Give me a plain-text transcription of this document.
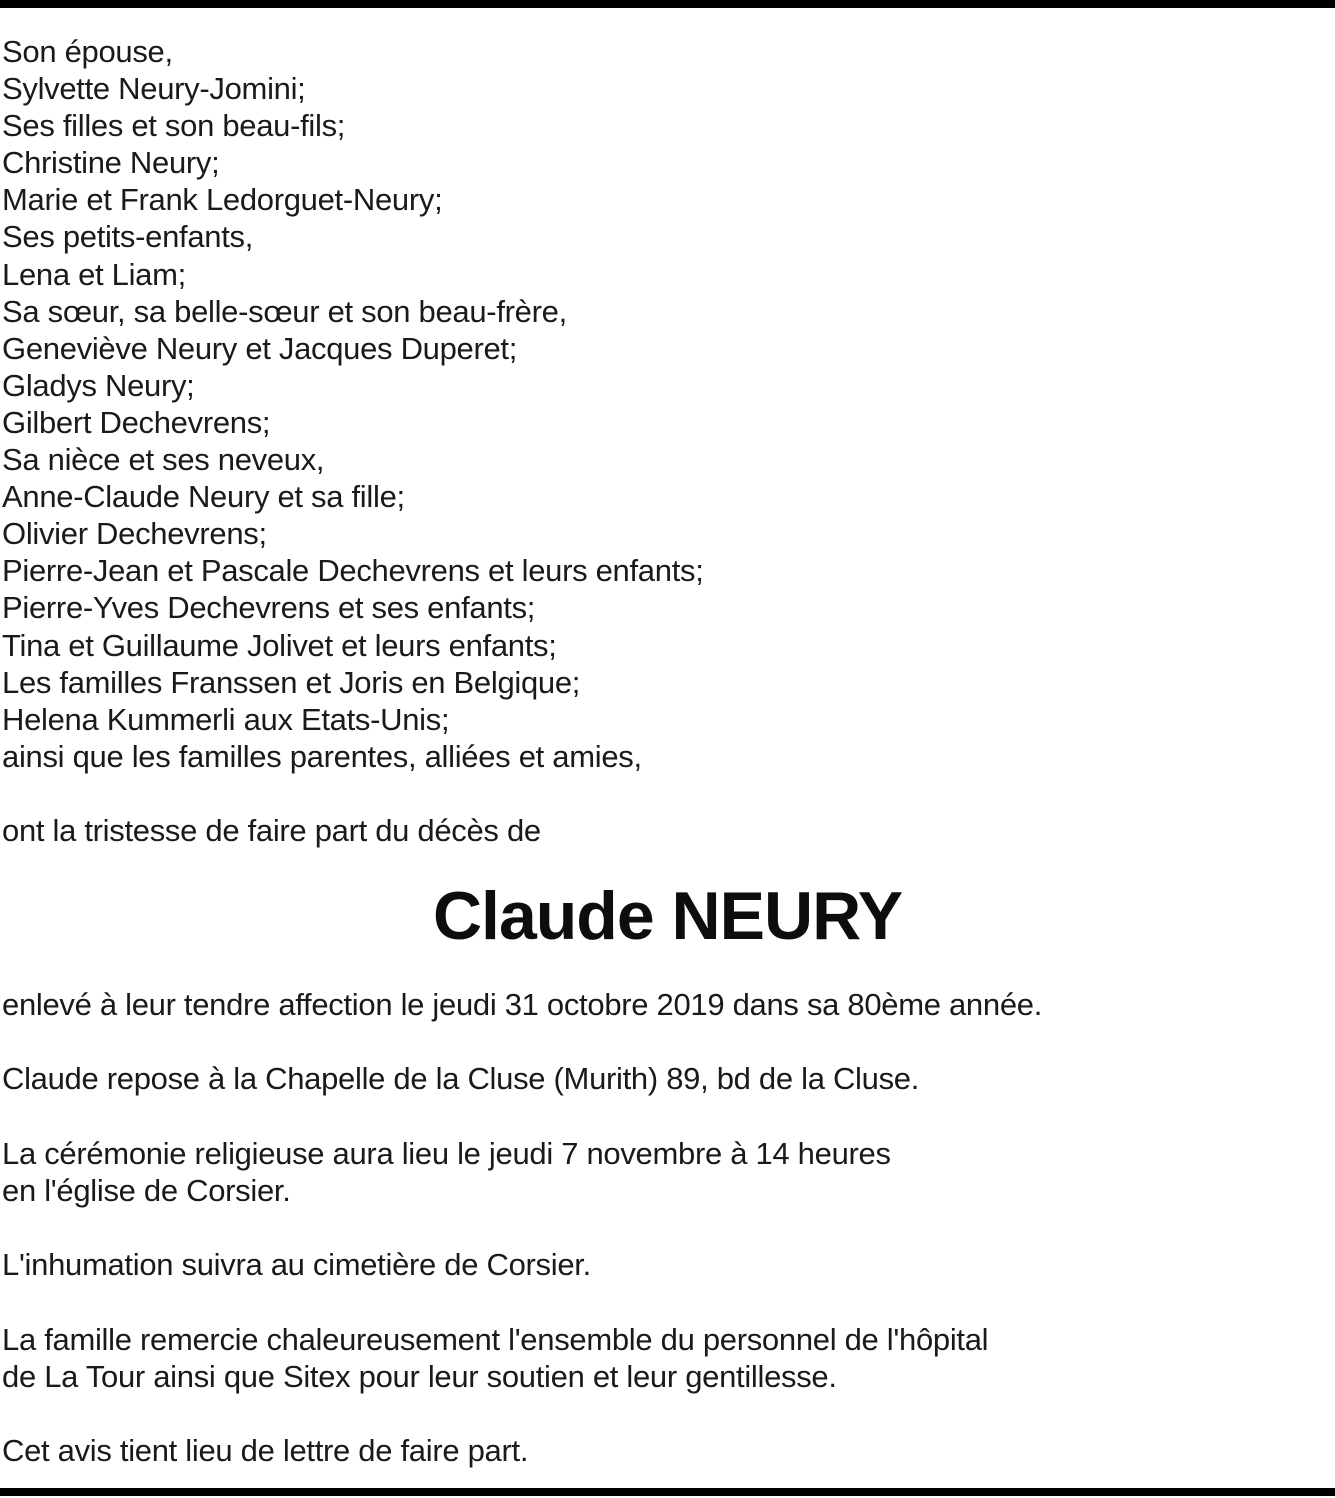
Son épouse,
Sylvette Neury-Jomini;
Ses filles et son beau-fils;
Christine Neury;
Marie et Frank Ledorguet-Neury;
Ses petits-enfants,
Lena et Liam;
Sa sœur, sa belle-sœur et son beau-frère,
Geneviève Neury et Jacques Duperet;
Gladys Neury;
Gilbert Dechevrens;
Sa nièce et ses neveux,
Anne-Claude Neury et sa fille;
Olivier Dechevrens;
Pierre-Jean et Pascale Dechevrens et leurs enfants;
Pierre-Yves Dechevrens et ses enfants;
Tina et Guillaume Jolivet et leurs enfants;
Les familles Franssen et Joris en Belgique;
Helena Kummerli aux Etats-Unis;
ainsi que les familles parentes, alliées et amies,

ont la tristesse de faire part du décès de

Claude NEURY

enlevé à leur tendre affection le jeudi 31 octobre 2019 dans sa 80ème année.

Claude repose à la Chapelle de la Cluse (Murith) 89, bd de la Cluse.

La cérémonie religieuse aura lieu le jeudi 7 novembre à 14 heures

en l'église de Corsier.

L'inhumation suivra au cimetière de Corsier.

La famille remercie chaleureusement l'ensemble du personnel de l'hôpital

de La Tour ainsi que Sitex pour leur soutien et leur gentillesse.

Cet avis tient lieu de lettre de faire part.
